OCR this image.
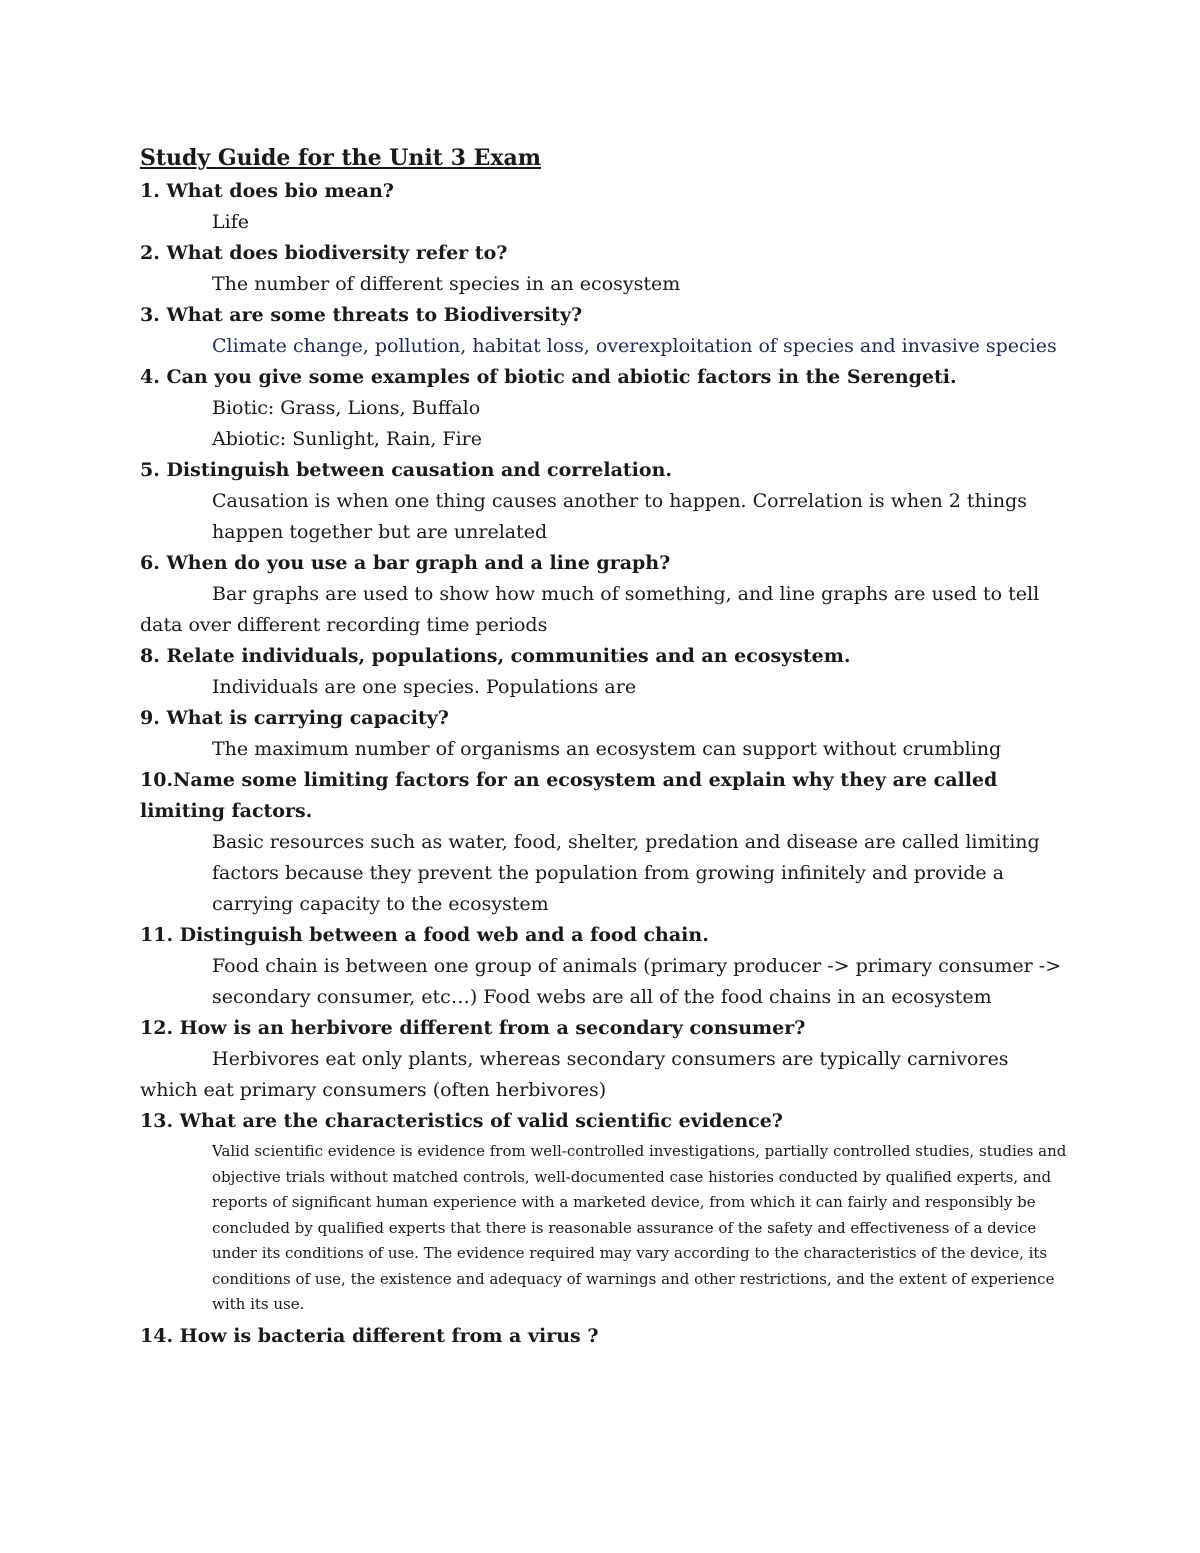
Study Guide for the Unit 3 Exam

1. What does bio mean?

Life

2. What does biodiversity refer to?

The number of different species in an ecosystem

3. What are some threats to Biodiversity?

Climate change, pollution, habitat loss, overexploitation of species and invasive species

4. Can you give some examples of biotic and abiotic factors in the Serengeti.

Biotic: Grass, Lions, Buffalo

Abiotic: Sunlight, Rain, Fire

5. Distinguish between causation and correlation.

Causation is when one thing causes another to happen. Correlation is when 2 things happen together but are unrelated

6. When do you use a bar graph and a line graph?

Bar graphs are used to show how much of something, and line graphs are used to tell data over different recording time periods

8. Relate individuals, populations, communities and an ecosystem.

Individuals are one species. Populations are

9. What is carrying capacity?

The maximum number of organisms an ecosystem can support without crumbling

10.Name some limiting factors for an ecosystem and explain why they are called limiting factors.

Basic resources such as water, food, shelter, predation and disease are called limiting factors because they prevent the population from growing infinitely and provide a carrying capacity to the ecosystem

11. Distinguish between a food web and a food chain.

Food chain is between one group of animals (primary producer -> primary consumer -> secondary consumer, etc…) Food webs are all of the food chains in an ecosystem

12. How is an herbivore different from a secondary consumer?

Herbivores eat only plants, whereas secondary consumers are typically carnivores which eat primary consumers (often herbivores)

13. What are the characteristics of valid scientific evidence?

Valid scientific evidence is evidence from well-controlled investigations, partially controlled studies, studies and objective trials without matched controls, well-documented case histories conducted by qualified experts, and reports of significant human experience with a marketed device, from which it can fairly and responsibly be concluded by qualified experts that there is reasonable assurance of the safety and effectiveness of a device under its conditions of use. The evidence required may vary according to the characteristics of the device, its conditions of use, the existence and adequacy of warnings and other restrictions, and the extent of experience with its use.

14. How is bacteria different from a virus ?
